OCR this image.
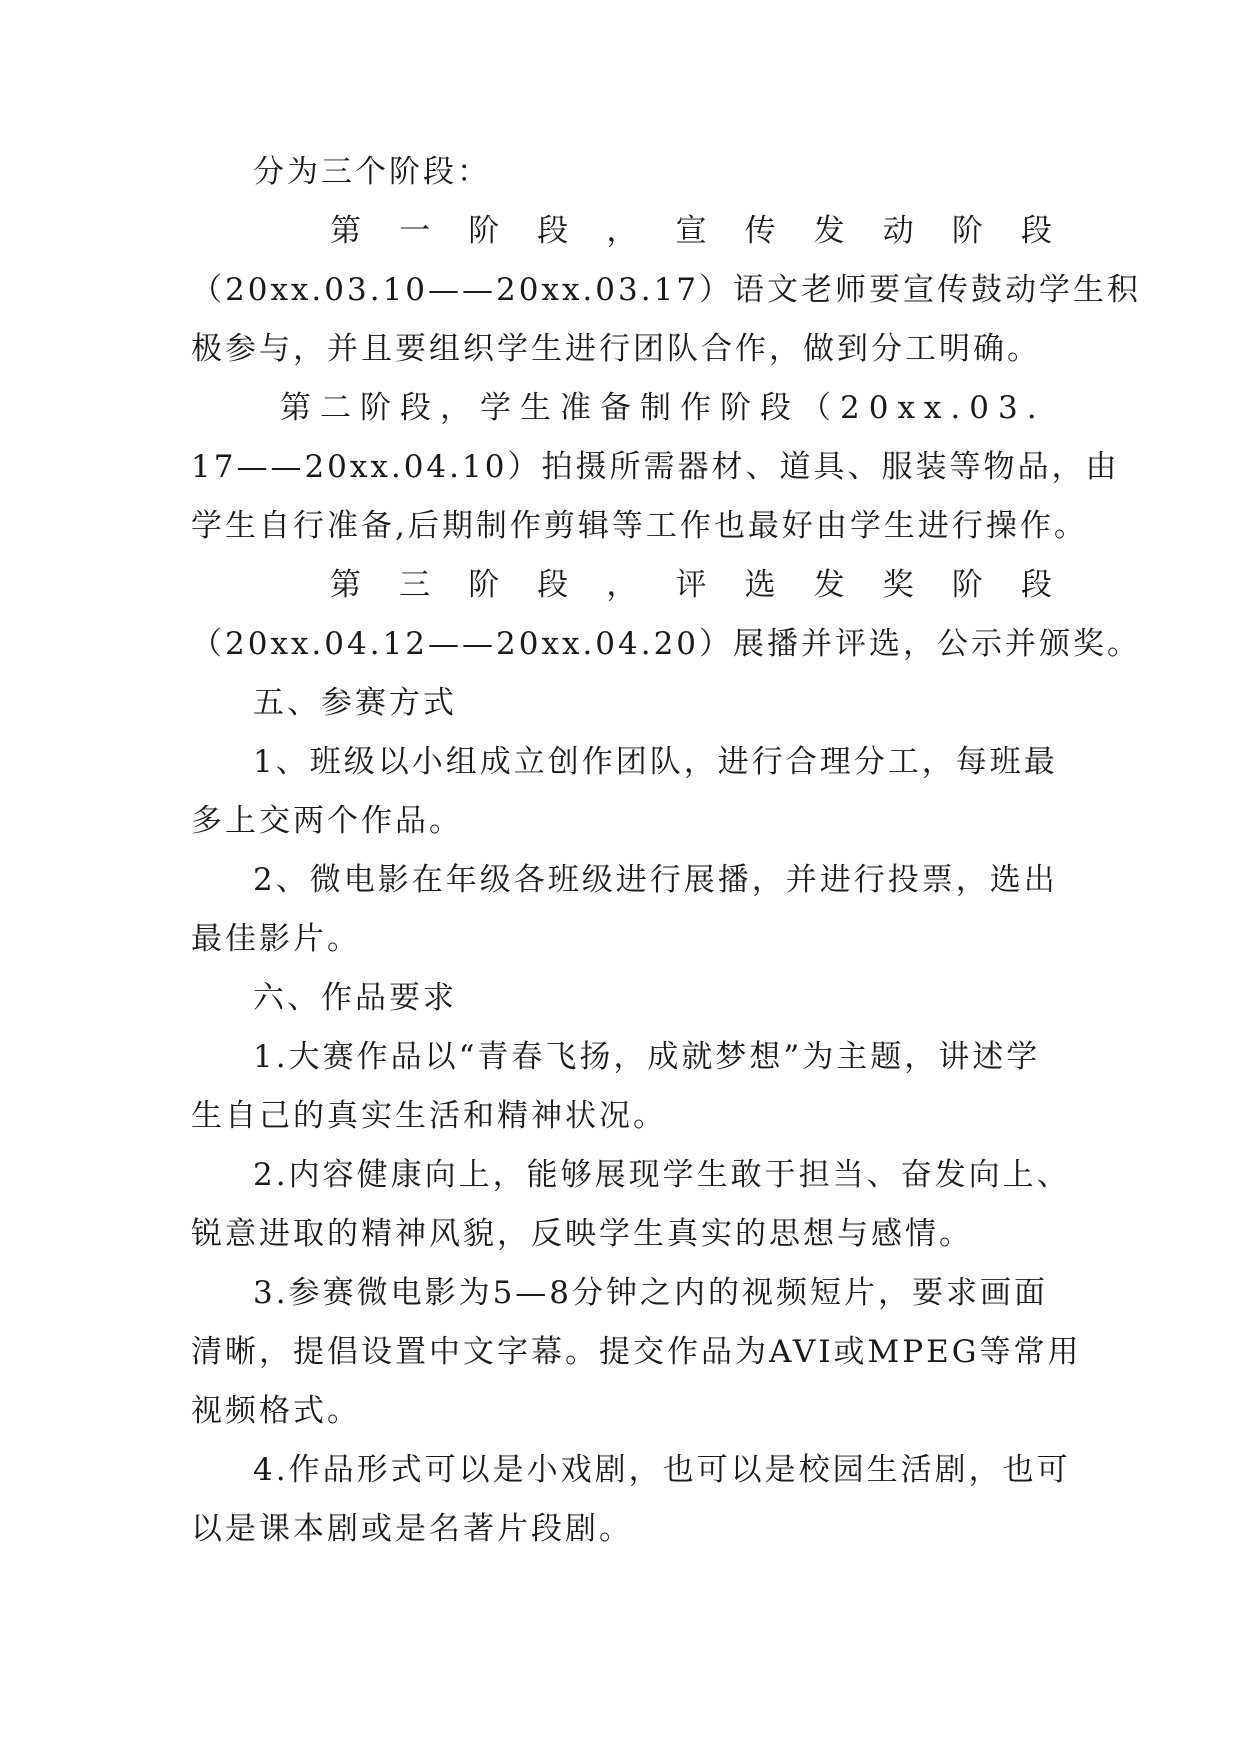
分为三个阶段：
第 一 阶 段 ， 宣 传 发 动 阶 段
（20xx.03.10——20xx.03.17）语文老师要宣传鼓动学生积
极参与，并且要组织学生进行团队合作，做到分工明确。
第二阶段，学生准备制作阶段（20xx.03.
17——20xx.04.10）拍摄所需器材、道具、服装等物品，由
学生自行准备,后期制作剪辑等工作也最好由学生进行操作。
第 三 阶 段 ， 评 选 发 奖 阶 段
（20xx.04.12——20xx.04.20）展播并评选，公示并颁奖。
五、参赛方式
1、班级以小组成立创作团队，进行合理分工，每班最
多上交两个作品。
2、微电影在年级各班级进行展播，并进行投票，选出
最佳影片。
六、作品要求
1.大赛作品以“青春飞扬，成就梦想”为主题，讲述学
生自己的真实生活和精神状况。
2.内容健康向上，能够展现学生敢于担当、奋发向上、
锐意进取的精神风貌，反映学生真实的思想与感情。
3.参赛微电影为5—8分钟之内的视频短片，要求画面
清晰，提倡设置中文字幕。提交作品为AVI或MPEG等常用
视频格式。
4.作品形式可以是小戏剧，也可以是校园生活剧，也可
以是课本剧或是名著片段剧。
